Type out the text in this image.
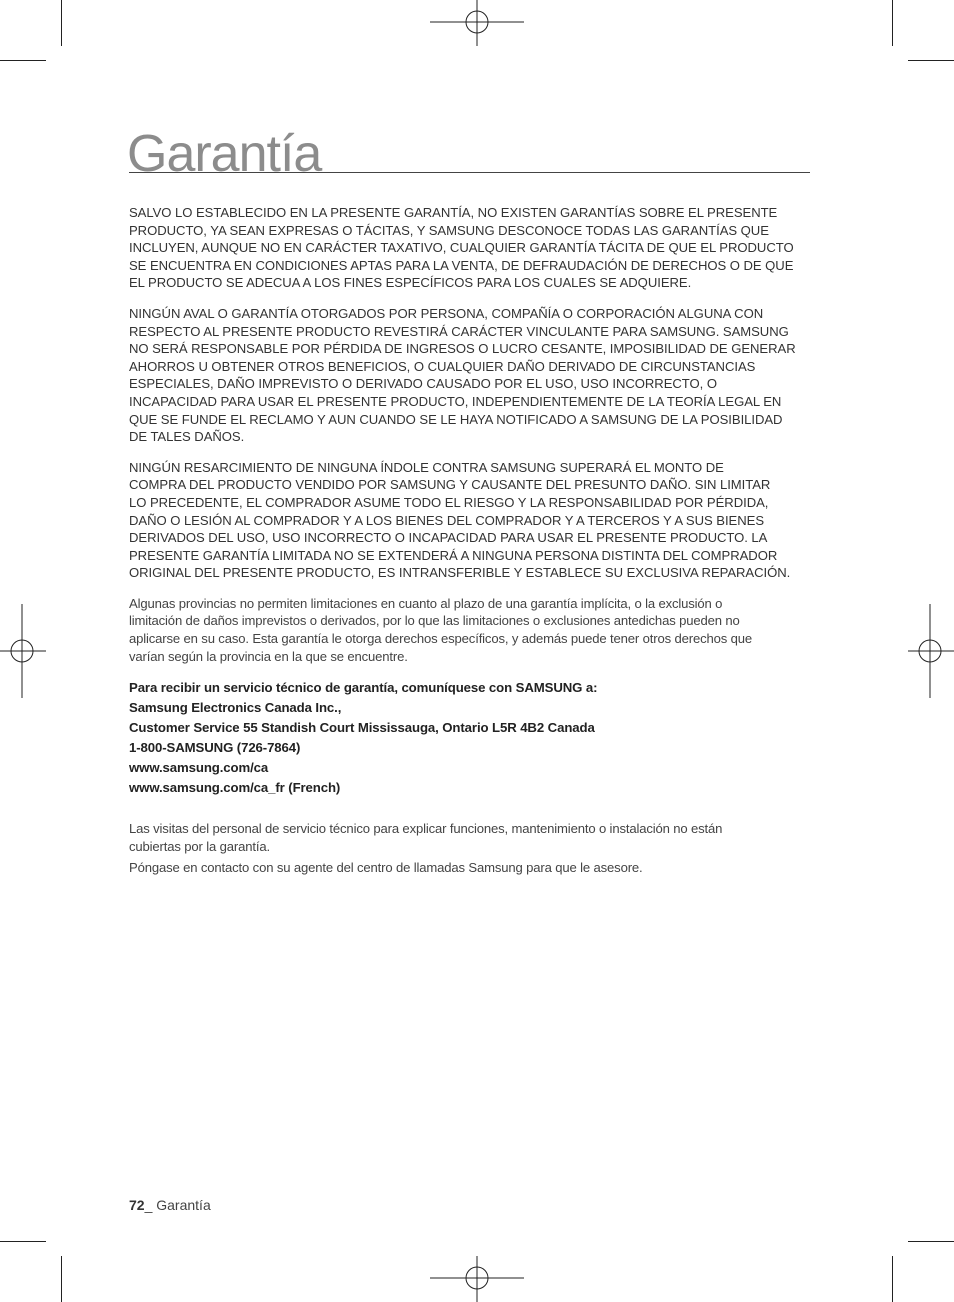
Garantía

SALVO LO ESTABLECIDO EN LA PRESENTE GARANTÍA, NO EXISTEN GARANTÍAS SOBRE EL PRESENTE
PRODUCTO, YA SEAN EXPRESAS O TÁCITAS, Y SAMSUNG DESCONOCE TODAS LAS GARANTÍAS QUE
INCLUYEN, AUNQUE NO EN CARÁCTER TAXATIVO, CUALQUIER GARANTÍA TÁCITA DE QUE EL PRODUCTO
SE ENCUENTRA EN CONDICIONES APTAS PARA LA VENTA, DE DEFRAUDACIÓN DE DERECHOS O DE QUE
EL PRODUCTO SE ADECUA A LOS FINES ESPECÍFICOS PARA LOS CUALES SE ADQUIERE.

NINGÚN AVAL O GARANTÍA OTORGADOS POR PERSONA, COMPAÑÍA O CORPORACIÓN ALGUNA CON
RESPECTO AL PRESENTE PRODUCTO REVESTIRÁ CARÁCTER VINCULANTE PARA SAMSUNG. SAMSUNG
NO SERÁ RESPONSABLE POR PÉRDIDA DE INGRESOS O LUCRO CESANTE, IMPOSIBILIDAD DE GENERAR
AHORROS U OBTENER OTROS BENEFICIOS, O CUALQUIER DAÑO DERIVADO DE CIRCUNSTANCIAS
ESPECIALES, DAÑO IMPREVISTO O DERIVADO CAUSADO POR EL USO, USO INCORRECTO, O
INCAPACIDAD PARA USAR EL PRESENTE PRODUCTO, INDEPENDIENTEMENTE DE LA TEORÍA LEGAL EN
QUE SE FUNDE EL RECLAMO Y AUN CUANDO SE LE HAYA NOTIFICADO A SAMSUNG DE LA POSIBILIDAD
DE TALES DAÑOS.

NINGÚN RESARCIMIENTO DE NINGUNA ÍNDOLE CONTRA SAMSUNG SUPERARÁ EL MONTO DE
COMPRA DEL PRODUCTO VENDIDO POR SAMSUNG Y CAUSANTE DEL PRESUNTO DAÑO. SIN LIMITAR
LO PRECEDENTE, EL COMPRADOR ASUME TODO EL RIESGO Y LA RESPONSABILIDAD POR PÉRDIDA,
DAÑO O LESIÓN AL COMPRADOR Y A LOS BIENES DEL COMPRADOR Y A TERCEROS Y A SUS BIENES
DERIVADOS DEL USO, USO INCORRECTO O INCAPACIDAD PARA USAR EL PRESENTE PRODUCTO. LA
PRESENTE GARANTÍA LIMITADA NO SE EXTENDERÁ A NINGUNA PERSONA DISTINTA DEL COMPRADOR
ORIGINAL DEL PRESENTE PRODUCTO, ES INTRANSFERIBLE Y ESTABLECE SU EXCLUSIVA REPARACIÓN.

Algunas provincias no permiten limitaciones en cuanto al plazo de una garantía implícita, o la exclusión o
limitación de daños imprevistos o derivados, por lo que las limitaciones o exclusiones antedichas pueden no
aplicarse en su caso. Esta garantía le otorga derechos específicos, y además puede tener otros derechos que
varían según la provincia en la que se encuentre.

Para recibir un servicio técnico de garantía, comuníquese con SAMSUNG a:
Samsung Electronics Canada Inc.,
Customer Service 55 Standish Court Mississauga, Ontario L5R 4B2 Canada
1-800-SAMSUNG (726-7864)
www.samsung.com/ca
www.samsung.com/ca_fr (French)

Las visitas del personal de servicio técnico para explicar funciones, mantenimiento o instalación no están
cubiertas por la garantía.

Póngase en contacto con su agente del centro de llamadas Samsung para que le asesore.

72_ Garantía
